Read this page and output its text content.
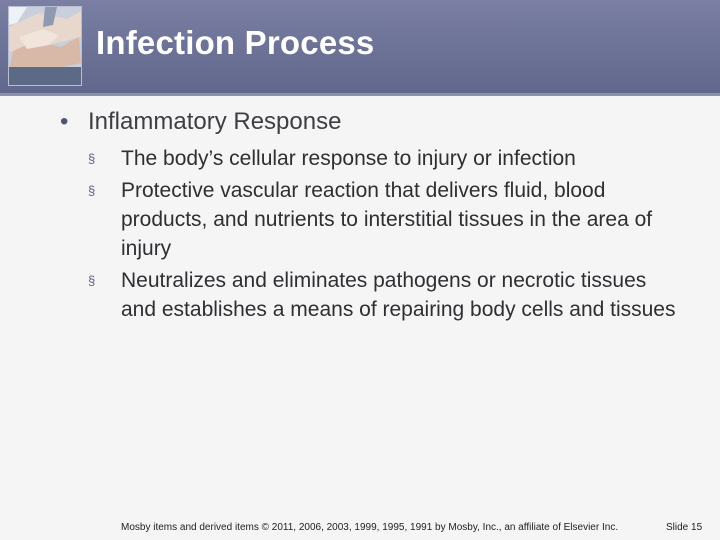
Infection Process
• Inflammatory Response
§	The body’s cellular response to injury or infection
§	Protective vascular reaction that delivers fluid, blood products, and nutrients to interstitial tissues in the area of injury
§	Neutralizes and eliminates pathogens or necrotic tissues and establishes a means of repairing body cells and tissues
Mosby items and derived items © 2011, 2006, 2003, 1999, 1995, 1991 by Mosby, Inc., an affiliate of Elsevier Inc.	Slide 15
